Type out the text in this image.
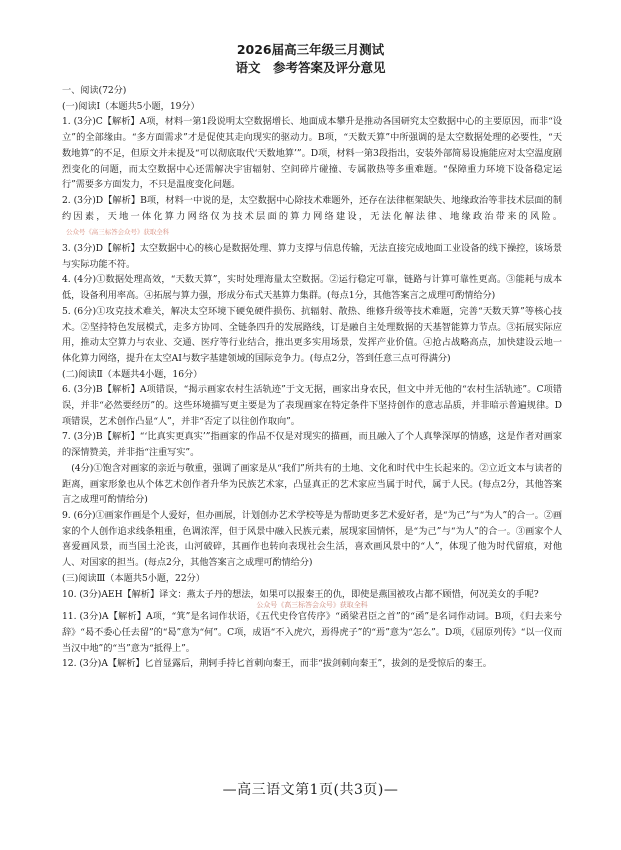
2026届高三年级三月测试
语文　参考答案及评分意见

一、阅读(72分)

(一)阅读Ⅰ（本题共5小题，19分）

1. (3分)C【解析】A项，材料一第1段说明太空数据增长、地面成本攀升是推动各国研究太空数据中心的主要原因，而非“设立”的全部缘由。“多方面需求”才是促使其走向现实的驱动力。B项，“天数天算”中所强调的是太空数据处理的必要性，“天数地算”的不足，但原文并未提及“可以彻底取代‘天数地算’”。D项，材料一第3段指出，安装外部简易设施能应对太空温度剧烈变化的问题，而太空数据中心还需解决宇宙辐射、空间碎片碰撞、专属散热等多重难题。“保障重力环境下设备稳定运行”需要多方面发力，不只是温度变化问题。

2. (3分)D【解析】B项，材料一中说的是，太空数据中心除技术难题外，还存在法律框架缺失、地缘政治等非技术层面的制约因素，天地一体化算力网络仅为技术层面的算力网络建设，无法化解法律、地缘政治带来的风险。公众号《高三标答会众号》获取全科

3. (3分)D【解析】太空数据中心的核心是数据处理、算力支撑与信息传输，无法直接完成地面工业设备的线下操控，该场景与实际功能不符。

4. (4分)①数据处理高效，“天数天算”，实时处理海量太空数据。②运行稳定可靠，链路与计算可靠性更高。③能耗与成本低，设备利用率高。④拓展与算力强，形成分布式天基算力集群。(每点1分，其他答案言之成理可酌情给分)

5. (6分)①攻克技术难关，解决太空环境下硬免硬件损伤、抗辐射、散热、维修升级等技术难题，完善“天数天算”等核心技术。②坚持特色发展模式，走多方协同、全链条四升的发展路线，订是融自主处理数据的天基智能算力节点。③拓展实际应用，推动太空算力与农业、交通、医疗等行业结合，推出更多实用场景，发挥产业价值。④抢占战略高点，加快建设云地一体化算力网络，提升在太空AI与数字基建领域的国际竞争力。(每点2分，答到任意三点可得满分)

(二)阅读Ⅱ（本题共4小题，16分）

6. (3分)B【解析】A项错误，“揭示画家农村生活轨迹”于文无据，画家出身农民，但文中并无他的“农村生活轨迹”。C项错误，并非“必然要经历”的。这些环境描写更主要是为了表现画家在特定条件下坚持创作的意志品质，并非暗示普遍规律。D项错误，艺术创作凸显“人”，并非“否定了以往创作取向”。

7. (3分)B【解析】“‘比真实更真实’”指画家的作品不仅是对现实的描画，而且融入了个人真挚深厚的情感，这是作者对画家的深情赞美，并非指“注重写实”。

(4分)①饱含对画家的亲近与敬重，强调了画家是从“我们”所共有的土地、文化和时代中生长起来的。②立近文本与读者的距离，画家形象也从个体艺术创作者升华为民族艺术家，凸显真正的艺术家应当属于时代，属于人民。(每点2分，其他答案言之成理可酌情给分)

9. (6分)①画家作画是个人爱好，但办画展，计划创办艺术学校等是为帮助更多艺术爱好者，是“为己”与“为人”的合一。②画家的个人创作追求线条粗重，色调浓浑，但于风景中融入民族元素，展现家国情怀，是“为己”与“为人”的合一。③画家个人喜爱画风景，而当国土沦丧，山河破碎，其画作也转向表现社会生活，喜欢画风景中的“人”，体现了他为时代留痕，对他人、对国家的担当。(每点2分，其他答案言之成理可酌情给分)

(三)阅读Ⅲ（本题共5小题，22分）

10. (3分)AEH【解析】译文：燕太子丹的想法，如果可以报秦王的仇，即使是燕国被攻占都不顾惜，何况美女的手呢?

公众号《高三标答会众号》获取全科

11. (3分)A【解析】A项，“箕”是名词作状语，《五代史伶官传序》“函梁君臣之首”的“函”是名词作动词。B项，《归去来兮辞》“曷不委心任去留”的“曷”意为“何”。C项，成语“不入虎穴，焉得虎子”的“焉”意为“怎么”。D项，《屈原列传》“以一仪而当汉中地”的“当”意为“抵得上”。

12. (3分)A【解析】匕首显露后，荆轲手持匕首刺向秦王，而非“拔剑刺向秦王”，拔剑的是受惊后的秦王。

—高三语文第1页(共3页)—
